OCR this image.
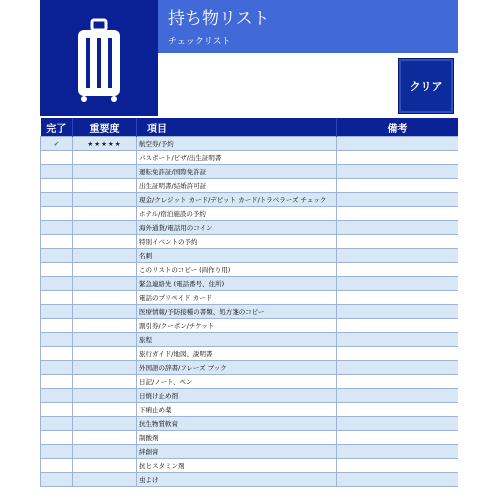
持ち物リスト
チェックリスト
クリア
完了	重要度	項目	備考
✔	★★★★★	航空券/予約	
		パスポート/ビザ/出生証明書	
		運転免許証/国際免許証	
		出生証明書/結婚許可証	
		現金/クレジット カード/デビット カード/トラベラーズ チェック	
		ホテル/宿泊施設の予約	
		海外通貨/電話用のコイン	
		特別イベントの予約	
		名刺	
		このリストのコピー (両作り用)	
		緊急連絡先 (電話番号、住所)	
		電話のプリペイド カード	
		医療情報/予防接種の書類、処方箋のコピー	
		割引券/クーポン/チケット	
		旅程	
		旅行ガイド/地図、説明書	
		外国語の辞書/フレーズ ブック	
		日記/ノート、ペン	
		日焼け止め剤	
		下痢止め薬	
		抗生物質軟膏	
		制酸剤	
		絆創膏	
		抗ヒスタミン剤	
		虫よけ	
